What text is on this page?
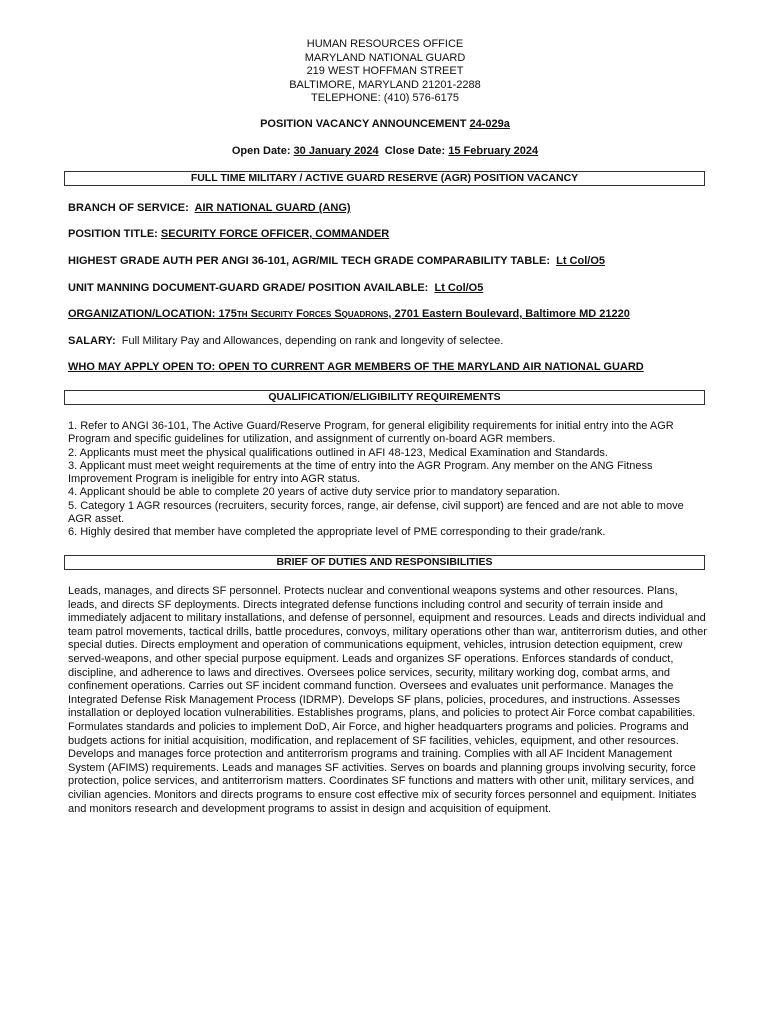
HUMAN RESOURCES OFFICE
MARYLAND NATIONAL GUARD
219 WEST HOFFMAN STREET
BALTIMORE, MARYLAND 21201-2288
TELEPHONE: (410) 576-6175
POSITION VACANCY ANNOUNCEMENT 24-029a
Open Date: 30 January 2024  Close Date: 15 February 2024
FULL TIME MILITARY / ACTIVE GUARD RESERVE (AGR) POSITION VACANCY
BRANCH OF SERVICE:  AIR NATIONAL GUARD (ANG)
POSITION TITLE: SECURITY FORCE OFFICER, COMMANDER
HIGHEST GRADE AUTH PER ANGI 36-101, AGR/MIL TECH GRADE COMPARABILITY TABLE:  Lt Col/O5
UNIT MANNING DOCUMENT-GUARD GRADE/ POSITION AVAILABLE:  Lt Col/O5
ORGANIZATION/LOCATION: 175TH Security Forces Squadrons, 2701 Eastern Boulevard, Baltimore MD 21220
SALARY:  Full Military Pay and Allowances, depending on rank and longevity of selectee.
WHO MAY APPLY OPEN TO: OPEN TO CURRENT AGR MEMBERS OF THE MARYLAND AIR NATIONAL GUARD
QUALIFICATION/ELIGIBILITY REQUIREMENTS
1. Refer to ANGI 36-101, The Active Guard/Reserve Program, for general eligibility requirements for initial entry into the AGR Program and specific guidelines for utilization, and assignment of currently on-board AGR members.
2. Applicants must meet the physical qualifications outlined in AFI 48-123, Medical Examination and Standards.
3. Applicant must meet weight requirements at the time of entry into the AGR Program. Any member on the ANG Fitness Improvement Program is ineligible for entry into AGR status.
4. Applicant should be able to complete 20 years of active duty service prior to mandatory separation.
5. Category 1 AGR resources (recruiters, security forces, range, air defense, civil support) are fenced and are not able to move AGR asset.
6. Highly desired that member have completed the appropriate level of PME corresponding to their grade/rank.
BRIEF OF DUTIES AND RESPONSIBILITIES
Leads, manages, and directs SF personnel. Protects nuclear and conventional weapons systems and other resources. Plans, leads, and directs SF deployments. Directs integrated defense functions including control and security of terrain inside and immediately adjacent to military installations, and defense of personnel, equipment and resources. Leads and directs individual and team patrol movements, tactical drills, battle procedures, convoys, military operations other than war, antiterrorism duties, and other special duties. Directs employment and operation of communications equipment, vehicles, intrusion detection equipment, crew served-weapons, and other special purpose equipment. Leads and organizes SF operations. Enforces standards of conduct, discipline, and adherence to laws and directives. Oversees police services, security, military working dog, combat arms, and confinement operations. Carries out SF incident command function. Oversees and evaluates unit performance. Manages the Integrated Defense Risk Management Process (IDRMP). Develops SF plans, policies, procedures, and instructions. Assesses installation or deployed location vulnerabilities. Establishes programs, plans, and policies to protect Air Force combat capabilities. Formulates standards and policies to implement DoD, Air Force, and higher headquarters programs and policies. Programs and budgets actions for initial acquisition, modification, and replacement of SF facilities, vehicles, equipment, and other resources. Develops and manages force protection and antiterrorism programs and training. Complies with all AF Incident Management System (AFIMS) requirements. Leads and manages SF activities. Serves on boards and planning groups involving security, force protection, police services, and antiterrorism matters. Coordinates SF functions and matters with other unit, military services, and civilian agencies. Monitors and directs programs to ensure cost effective mix of security forces personnel and equipment. Initiates and monitors research and development programs to assist in design and acquisition of equipment.
